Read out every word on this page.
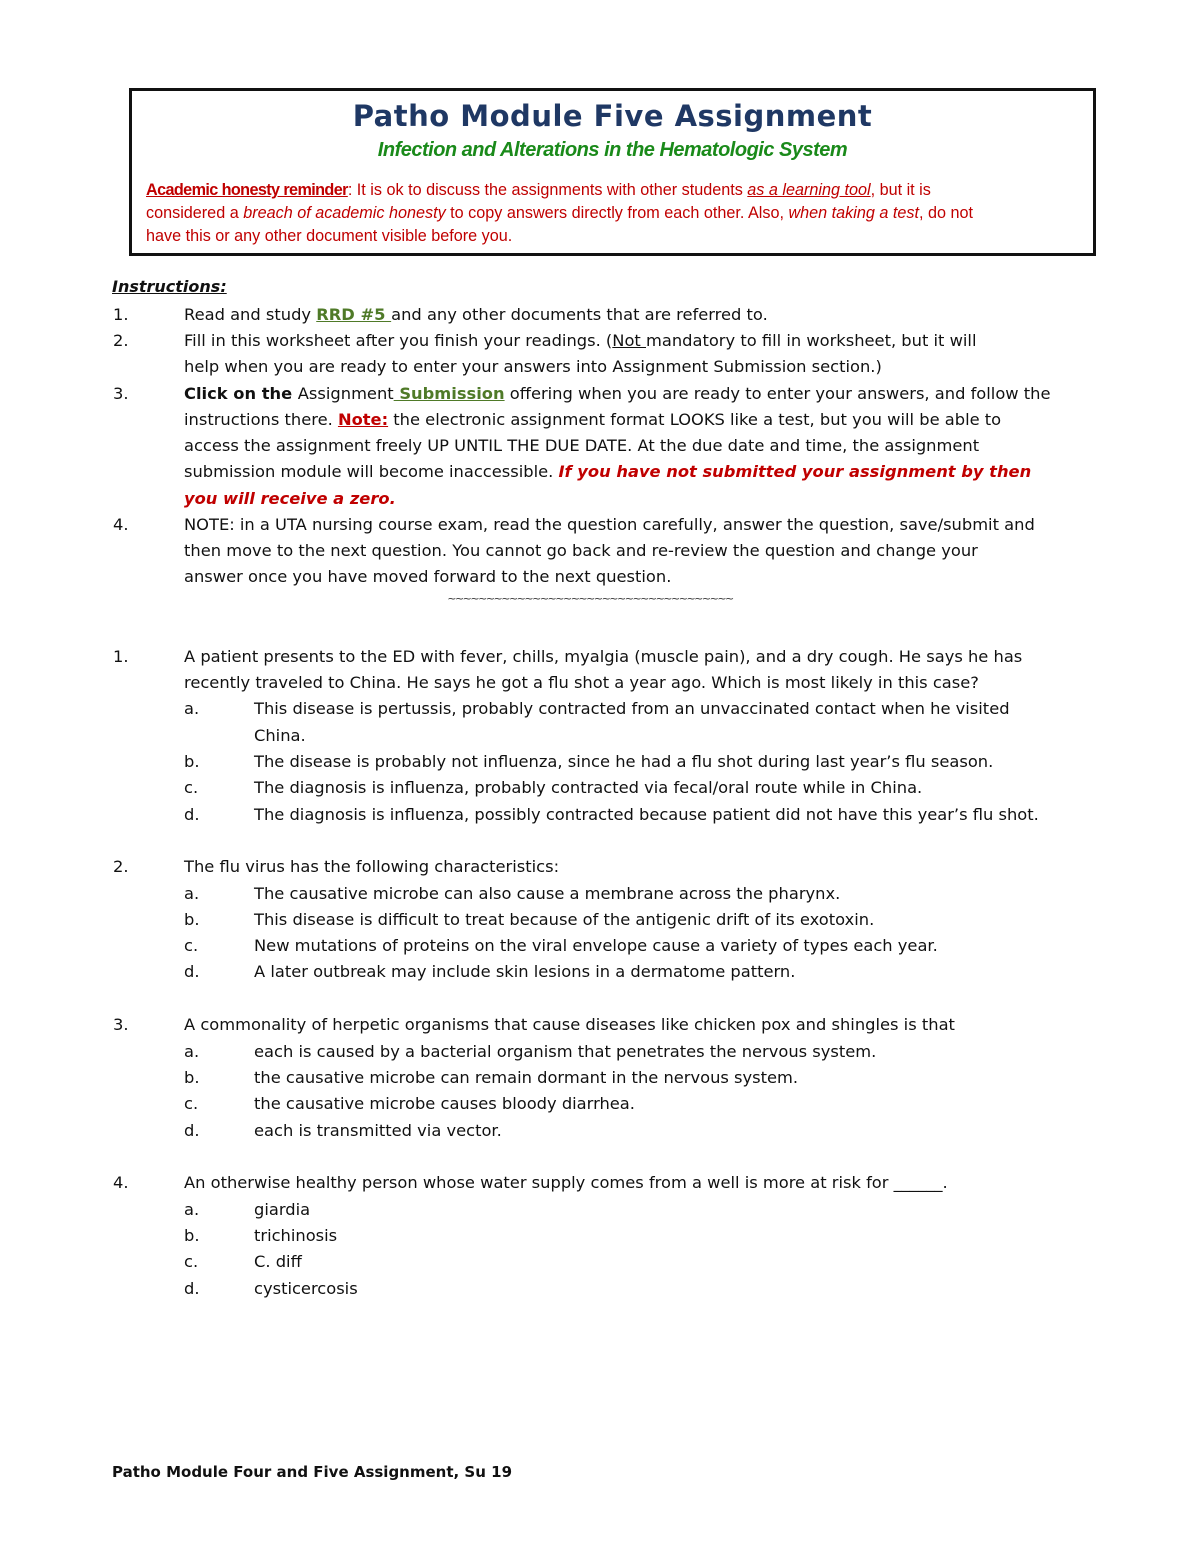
Patho Module Five Assignment
Infection and Alterations in the Hematologic System
Academic honesty reminder: It is ok to discuss the assignments with other students as a learning tool, but it is
considered a breach of academic honesty to copy answers directly from each other. Also, when taking a test, do not
have this or any other document visible before you.
Instructions:
1.	Read and study RRD #5 and any other documents that are referred to.
2.	Fill in this worksheet after you finish your readings. (Not mandatory to fill in worksheet, but it will
help when you are ready to enter your answers into Assignment Submission section.)
3.	Click on the Assignment Submission offering when you are ready to enter your answers, and follow the
instructions there. Note: the electronic assignment format LOOKS like a test, but you will be able to
access the assignment freely UP UNTIL THE DUE DATE. At the due date and time, the assignment
submission module will become inaccessible. If you have not submitted your assignment by then
you will receive a zero.
4.	NOTE: in a UTA nursing course exam, read the question carefully, answer the question, save/submit and
then move to the next question. You cannot go back and re-review the question and change your
answer once you have moved forward to the next question.
~~~~~~~~~~~~~~~~~~~~~~~~~~~~~~~~~~~~~
1.	A patient presents to the ED with fever, chills, myalgia (muscle pain), and a dry cough. He says he has
recently traveled to China. He says he got a flu shot a year ago. Which is most likely in this case?
a.	This disease is pertussis, probably contracted from an unvaccinated contact when he visited
China.
b.	The disease is probably not influenza, since he had a flu shot during last year’s flu season.
c.	The diagnosis is influenza, probably contracted via fecal/oral route while in China.
d.	The diagnosis is influenza, possibly contracted because patient did not have this year’s flu shot.
2.	The flu virus has the following characteristics:
a.	The causative microbe can also cause a membrane across the pharynx.
b.	This disease is difficult to treat because of the antigenic drift of its exotoxin.
c.	New mutations of proteins on the viral envelope cause a variety of types each year.
d.	A later outbreak may include skin lesions in a dermatome pattern.
3.	A commonality of herpetic organisms that cause diseases like chicken pox and shingles is that
a.	each is caused by a bacterial organism that penetrates the nervous system.
b.	the causative microbe can remain dormant in the nervous system.
c.	the causative microbe causes bloody diarrhea.
d.	each is transmitted via vector.
4.	An otherwise healthy person whose water supply comes from a well is more at risk for ______.
a.	giardia
b.	trichinosis
c.	C. diff
d.	cysticercosis
Patho Module Four and Five Assignment, Su 19
